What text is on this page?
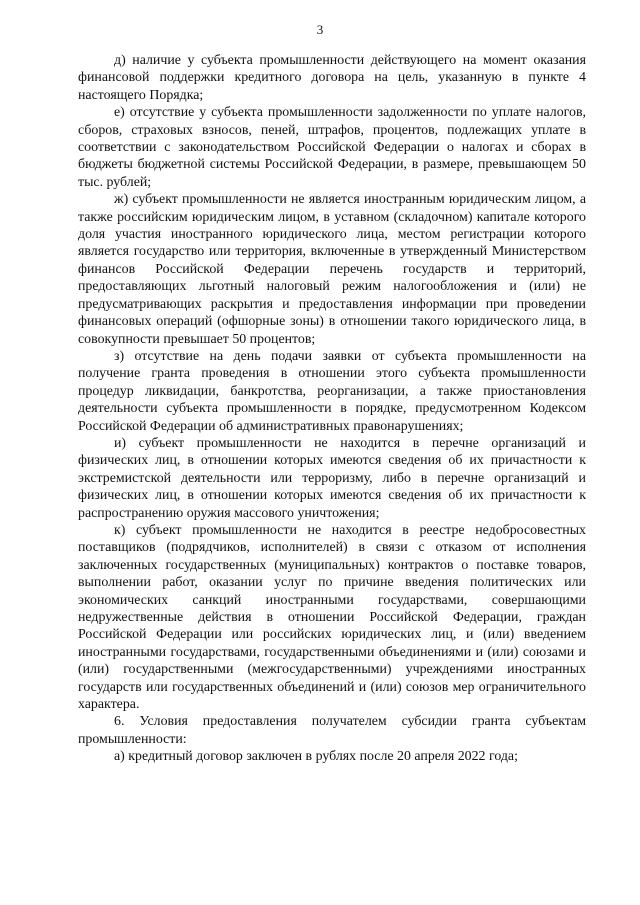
3

д) наличие у субъекта промышленности действующего на момент оказания финансовой поддержки кредитного договора на цель, указанную в пункте 4 настоящего Порядка;

е) отсутствие у субъекта промышленности задолженности по уплате налогов, сборов, страховых взносов, пеней, штрафов, процентов, подлежащих уплате в соответствии с законодательством Российской Федерации о налогах и сборах в бюджеты бюджетной системы Российской Федерации, в размере, превышающем 50 тыс. рублей;

ж) субъект промышленности не является иностранным юридическим лицом, а также российским юридическим лицом, в уставном (складочном) капитале которого доля участия иностранного юридического лица, местом регистрации которого является государство или территория, включенные в утвержденный Министерством финансов Российской Федерации перечень государств и территорий, предоставляющих льготный налоговый режим налогообложения и (или) не предусматривающих раскрытия и предоставления информации при проведении финансовых операций (офшорные зоны) в отношении такого юридического лица, в совокупности превышает 50 процентов;

з) отсутствие на день подачи заявки от субъекта промышленности на получение гранта проведения в отношении этого субъекта промышленности процедур ликвидации, банкротства, реорганизации, а также приостановления деятельности субъекта промышленности в порядке, предусмотренном Кодексом Российской Федерации об административных правонарушениях;

и) субъект промышленности не находится в перечне организаций и физических лиц, в отношении которых имеются сведения об их причастности к экстремистской деятельности или терроризму, либо в перечне организаций и физических лиц, в отношении которых имеются сведения об их причастности к распространению оружия массового уничтожения;

к) субъект промышленности не находится в реестре недобросовестных поставщиков (подрядчиков, исполнителей) в связи с отказом от исполнения заключенных государственных (муниципальных) контрактов о поставке товаров, выполнении работ, оказании услуг по причине введения политических или экономических санкций иностранными государствами, совершающими недружественные действия в отношении Российской Федерации, граждан Российской Федерации или российских юридических лиц, и (или) введением иностранными государствами, государственными объединениями и (или) союзами и (или) государственными (межгосударственными) учреждениями иностранных государств или государственных объединений и (или) союзов мер ограничительного характера.

6. Условия предоставления получателем субсидии гранта субъектам промышленности:

а) кредитный договор заключен в рублях после 20 апреля 2022 года;
